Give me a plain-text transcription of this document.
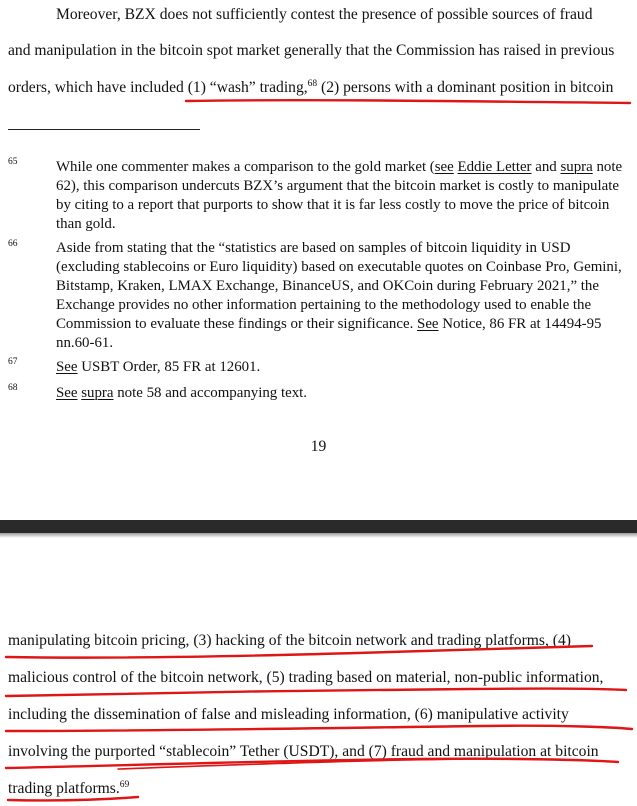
Moreover, BZX does not sufficiently contest the presence of possible sources of fraud
and manipulation in the bitcoin spot market generally that the Commission has raised in previous
orders, which have included (1) “wash” trading,$^{68}$ (2) persons with a dominant position in bitcoin
65	While one commenter makes a comparison to the gold market (see Eddie Letter and supra note 62), this comparison undercuts BZX’s argument that the bitcoin market is costly to manipulate by citing to a report that purports to show that it is far less costly to move the price of bitcoin than gold.
66	Aside from stating that the “statistics are based on samples of bitcoin liquidity in USD (excluding stablecoins or Euro liquidity) based on executable quotes on Coinbase Pro, Gemini, Bitstamp, Kraken, LMAX Exchange, BinanceUS, and OKCoin during February 2021,” the Exchange provides no other information pertaining to the methodology used to enable the Commission to evaluate these findings or their significance. See Notice, 86 FR at 14494-95 nn.60-61.
67	See USBT Order, 85 FR at 12601.
68	See supra note 58 and accompanying text.
19
manipulating bitcoin pricing, (3) hacking of the bitcoin network and trading platforms, (4)
malicious control of the bitcoin network, (5) trading based on material, non-public information,
including the dissemination of false and misleading information, (6) manipulative activity
involving the purported “stablecoin” Tether (USDT), and (7) fraud and manipulation at bitcoin
trading platforms.$^{69}$
